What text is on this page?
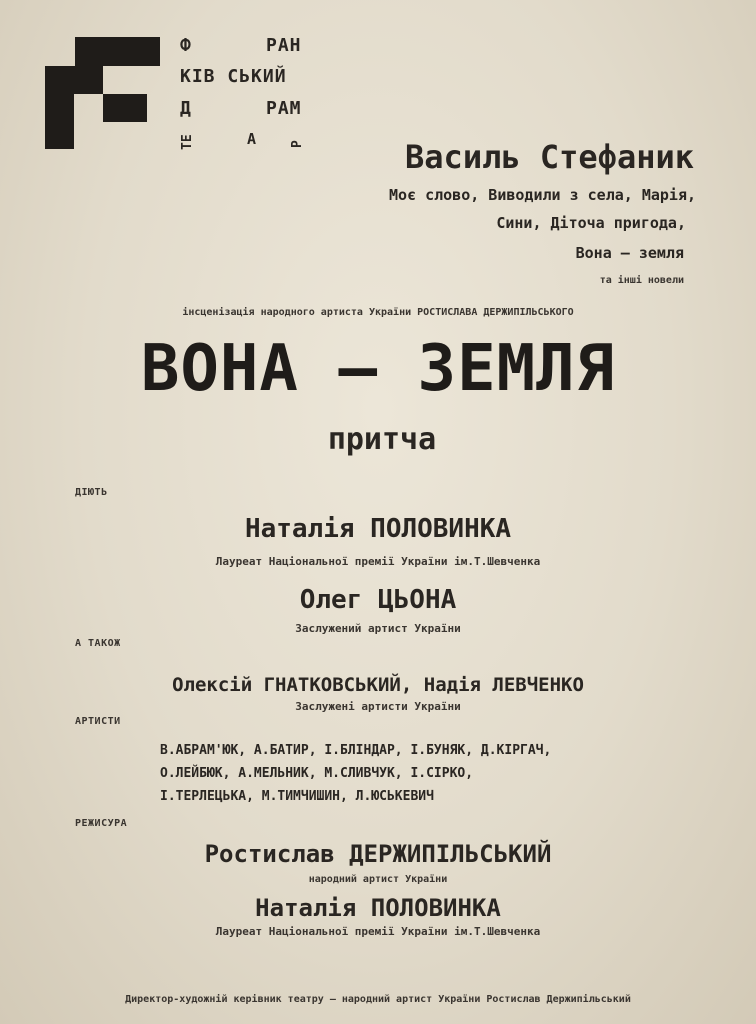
Ф	РАН
КІВ СЬКИЙ
Д	РАМ
ТЕ	А	Р	Василь Стефаник
Моє слово, Виводили з села, Марія,
Сини, Діточа пригода,
Вона – земля
та інші новели
інсценізація народного артиста України РОСТИСЛАВА ДЕРЖИПІЛЬСЬКОГО
ВОНА – ЗЕМЛЯ
притча
ДІЮТЬ
Наталія ПОЛОВИНКА
Лауреат Національної премії України ім.Т.Шевченка
Олег ЦЬОНА
Заслужений артист України
А ТАКОЖ
Олексій ГНАТКОВСЬКИЙ, Надія ЛЕВЧЕНКО
Заслужені артисти України
АРТИСТИ
В.АБРАМ'ЮК, А.БАТИР, І.БЛІНДАР, І.БУНЯК, Д.КІРГАЧ,
О.ЛЕЙБЮК, А.МЕЛЬНИК, М.СЛИВЧУК, І.СІРКО,
І.ТЕРЛЕЦЬКА, М.ТИМЧИШИН, Л.ЮСЬКЕВИЧ
РЕЖИСУРА
Ростислав ДЕРЖИПІЛЬСЬКИЙ
народний артист України
Наталія ПОЛОВИНКА
Лауреат Національної премії України ім.Т.Шевченка
Директор-художній керівник театру – народний артист України Ростислав Держипільський
